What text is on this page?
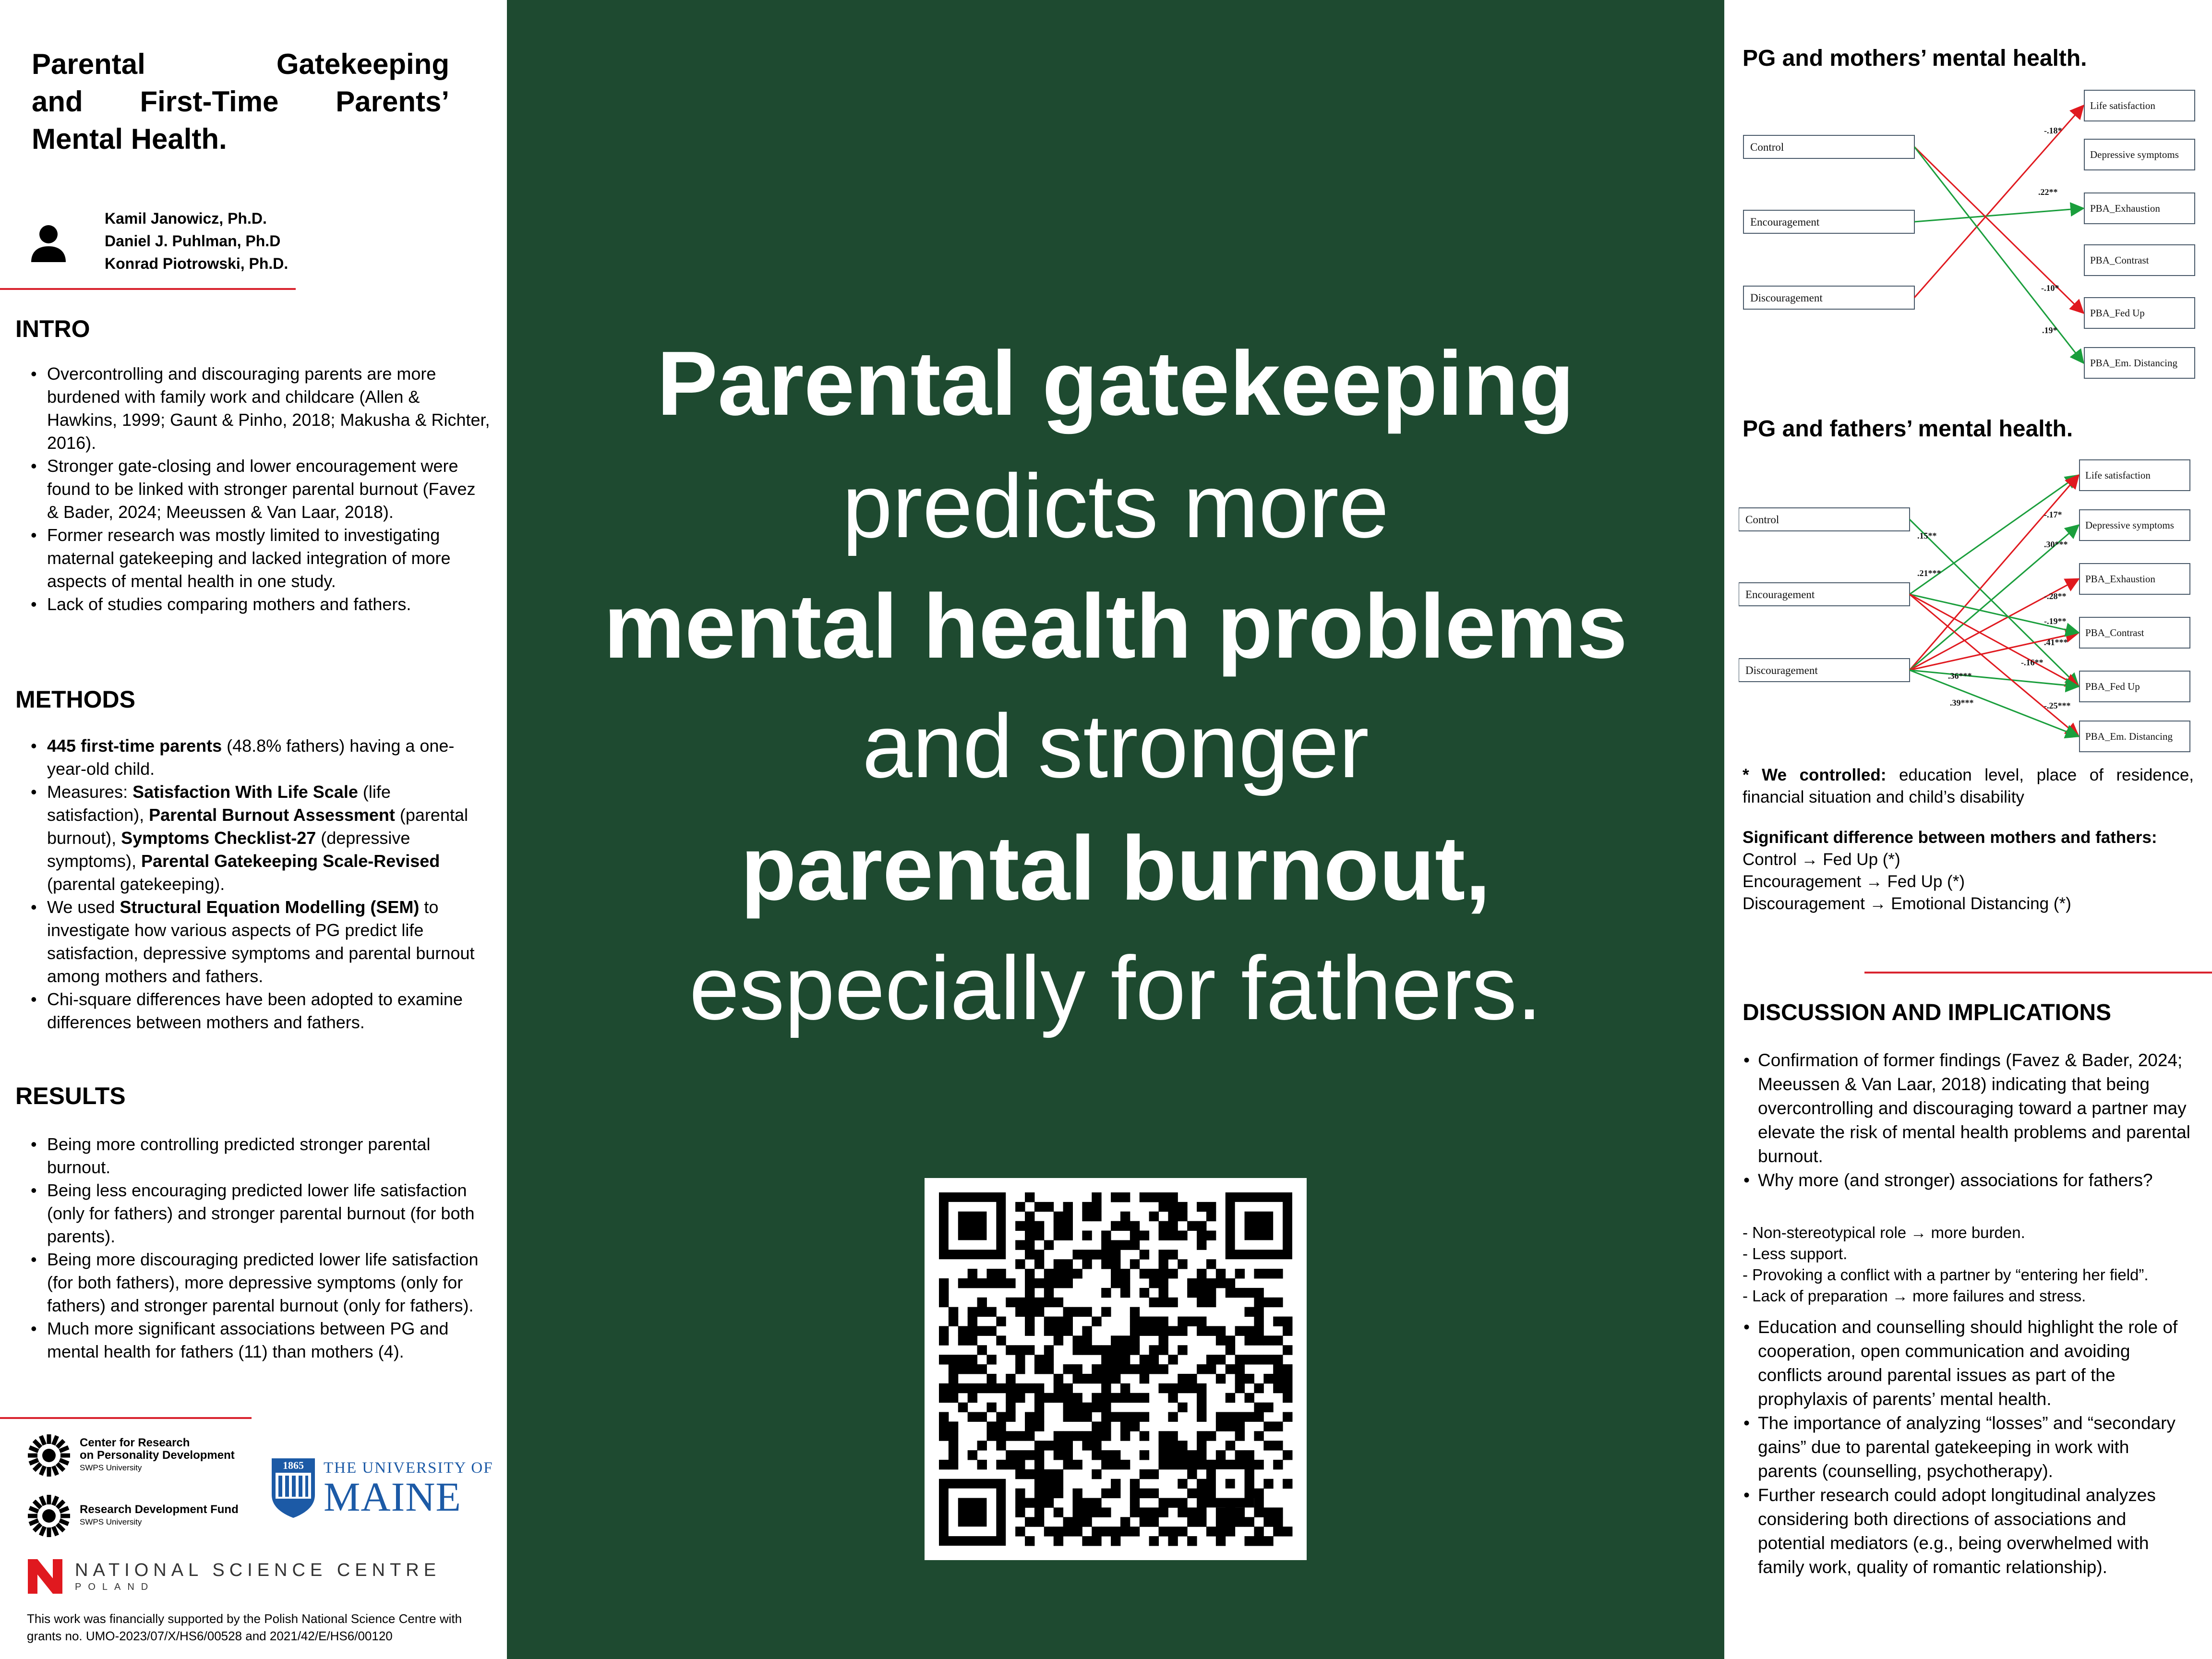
Parental Gatekeeping
and First-Time Parents’
Mental Health.
Kamil Janowicz, Ph.D.
Daniel J. Puhlman, Ph.D
Konrad Piotrowski, Ph.D.
INTRO
• Overcontrolling and discouraging parents are more burdened with family work and childcare (Allen & Hawkins, 1999; Gaunt & Pinho, 2018; Makusha & Richter, 2016).
• Stronger gate-closing and lower encouragement were found to be linked with stronger parental burnout (Favez & Bader, 2024; Meeussen & Van Laar, 2018).
• Former research was mostly limited to investigating maternal gatekeeping and lacked integration of more aspects of mental health in one study.
• Lack of studies comparing mothers and fathers.
METHODS
• 445 first-time parents (48.8% fathers) having a one-year-old child.
• Measures: Satisfaction With Life Scale (life satisfaction), Parental Burnout Assessment (parental burnout), Symptoms Checklist-27 (depressive symptoms), Parental Gatekeeping Scale-Revised (parental gatekeeping).
• We used Structural Equation Modelling (SEM) to investigate how various aspects of PG predict life satisfaction, depressive symptoms and parental burnout among mothers and fathers.
• Chi-square differences have been adopted to examine differences between mothers and fathers.
RESULTS
• Being more controlling predicted stronger parental burnout.
• Being less encouraging predicted lower life satisfaction (only for fathers) and stronger parental burnout (for both parents).
• Being more discouraging predicted lower life satisfaction (for both fathers), more depressive symptoms (only for fathers) and stronger parental burnout (only for fathers).
• Much more significant associations between PG and mental health for fathers (11) than mothers (4).
Center for Research
on Personality Development
SWPS University
Research Development Fund
SWPS University
1865 THE UNIVERSITY OF
MAINE
NATIONAL SCIENCE CENTRE
POLAND
This work was financially supported by the Polish National Science Centre with grants no. UMO-2023/07/X/HS6/00528 and 2021/42/E/HS6/00120
Parental gatekeeping
predicts more
mental health problems
and stronger
parental burnout,
especially for fathers.
PG and mothers’ mental health.
Control
Encouragement
Discouragement
Life satisfaction
Depressive symptoms
PBA_Exhaustion
PBA_Contrast
PBA_Fed Up
PBA_Em. Distancing
-.18*
.22**
-.10*
.19*
PG and fathers’ mental health.
Control
Encouragement
Discouragement
Life satisfaction
Depressive symptoms
PBA_Exhaustion
PBA_Contrast
PBA_Fed Up
PBA_Em. Distancing
.15**
.21***
-.17*
.30***
-.28**
-.19**
.41***
-.16**
.36***
-.25***
.39***
* We controlled: education level, place of residence, financial situation and child’s disability
Significant difference between mothers and fathers:
Control → Fed Up (*)
Encouragement → Fed Up (*)
Discouragement → Emotional Distancing (*)
DISCUSSION AND IMPLICATIONS
• Confirmation of former findings (Favez & Bader, 2024; Meeussen & Van Laar, 2018) indicating that being overcontrolling and discouraging toward a partner may elevate the risk of mental health problems and parental burnout.
• Why more (and stronger) associations for fathers?
- Non-stereotypical role → more burden.
- Less support.
- Provoking a conflict with a partner by “entering her field”.
- Lack of preparation → more failures and stress.
• Education and counselling should highlight the role of cooperation, open communication and avoiding conflicts around parental issues as part of the prophylaxis of parents’ mental health.
• The importance of analyzing “losses” and “secondary gains” due to parental gatekeeping in work with parents (counselling, psychotherapy).
• Further research could adopt longitudinal analyzes considering both directions of associations and potential mediators (e.g., being overwhelmed with family work, quality of romantic relationship).
